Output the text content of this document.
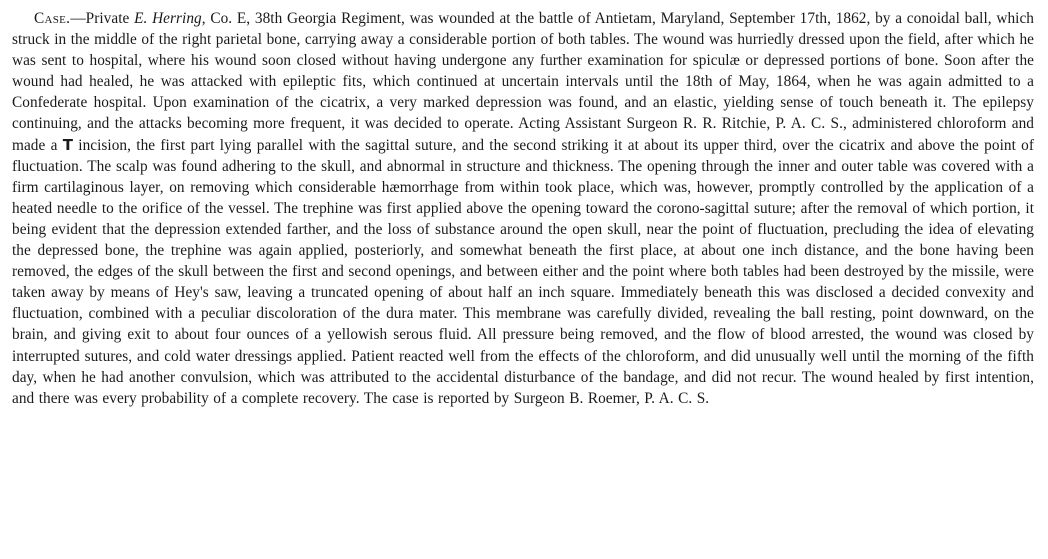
Case.—Private E. Herring, Co. E, 38th Georgia Regiment, was wounded at the battle of Antietam, Maryland, September 17th, 1862, by a conoidal ball, which struck in the middle of the right parietal bone, carrying away a considerable portion of both tables. The wound was hurriedly dressed upon the field, after which he was sent to hospital, where his wound soon closed without having undergone any further examination for spiculæ or depressed portions of bone. Soon after the wound had healed, he was attacked with epileptic fits, which continued at uncertain intervals until the 18th of May, 1864, when he was again admitted to a Confederate hospital. Upon examination of the cicatrix, a very marked depression was found, and an elastic, yielding sense of touch beneath it. The epilepsy continuing, and the attacks becoming more frequent, it was decided to operate. Acting Assistant Surgeon R. R. Ritchie, P. A. C. S., administered chloroform and made a T incision, the first part lying parallel with the sagittal suture, and the second striking it at about its upper third, over the cicatrix and above the point of fluctuation. The scalp was found adhering to the skull, and abnormal in structure and thickness. The opening through the inner and outer table was covered with a firm cartilaginous layer, on removing which considerable hæmorrhage from within took place, which was, however, promptly controlled by the application of a heated needle to the orifice of the vessel. The trephine was first applied above the opening toward the corono-sagittal suture; after the removal of which portion, it being evident that the depression extended farther, and the loss of substance around the open skull, near the point of fluctuation, precluding the idea of elevating the depressed bone, the trephine was again applied, posteriorly, and somewhat beneath the first place, at about one inch distance, and the bone having been removed, the edges of the skull between the first and second openings, and between either and the point where both tables had been destroyed by the missile, were taken away by means of Hey's saw, leaving a truncated opening of about half an inch square. Immediately beneath this was disclosed a decided convexity and fluctuation, combined with a peculiar discoloration of the dura mater. This membrane was carefully divided, revealing the ball resting, point downward, on the brain, and giving exit to about four ounces of a yellowish serous fluid. All pressure being removed, and the flow of blood arrested, the wound was closed by interrupted sutures, and cold water dressings applied. Patient reacted well from the effects of the chloroform, and did unusually well until the morning of the fifth day, when he had another convulsion, which was attributed to the accidental disturbance of the bandage, and did not recur. The wound healed by first intention, and there was every probability of a complete recovery. The case is reported by Surgeon B. Roemer, P. A. C. S.
